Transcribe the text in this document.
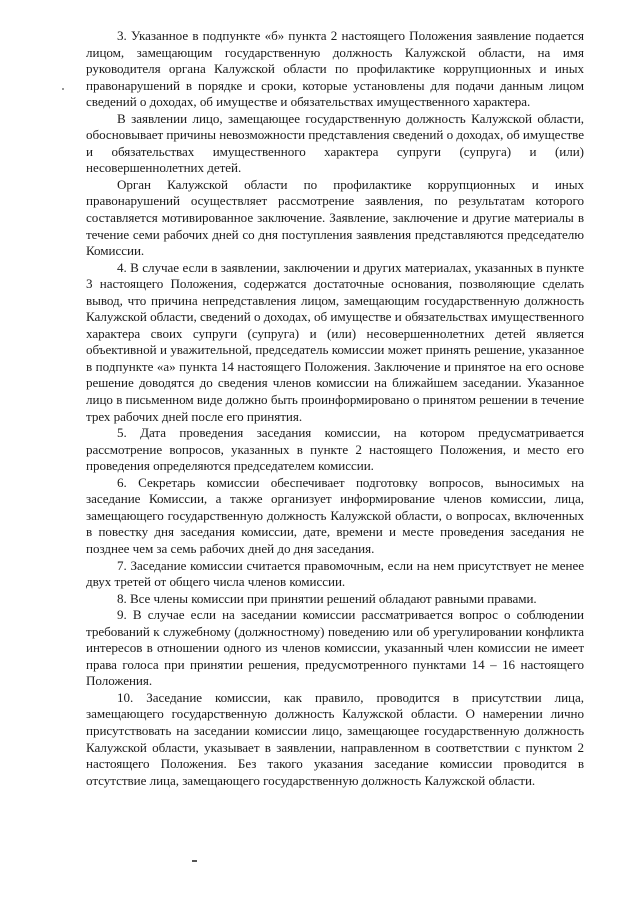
3. Указанное в подпункте «б» пункта 2 настоящего Положения заявление подается лицом, замещающим государственную должность Калужской области, на имя руководителя органа Калужской области по профилактике коррупционных и иных правонарушений в порядке и сроки, которые установлены для подачи данным лицом сведений о доходах, об имуществе и обязательствах имущественного характера.

В заявлении лицо, замещающее государственную должность Калужской области, обосновывает причины невозможности представления сведений о доходах, об имуществе и обязательствах имущественного характера супруги (супруга) и (или) несовершеннолетних детей.

Орган Калужской области по профилактике коррупционных и иных правонарушений осуществляет рассмотрение заявления, по результатам которого составляется мотивированное заключение. Заявление, заключение и другие материалы в течение семи рабочих дней со дня поступления заявления представляются председателю Комиссии.

4. В случае если в заявлении, заключении и других материалах, указанных в пункте 3 настоящего Положения, содержатся достаточные основания, позволяющие сделать вывод, что причина непредставления лицом, замещающим государственную должность Калужской области, сведений о доходах, об имуществе и обязательствах имущественного характера своих супруги (супруга) и (или) несовершеннолетних детей является объективной и уважительной, председатель комиссии может принять решение, указанное в подпункте «а» пункта 14 настоящего Положения. Заключение и принятое на его основе решение доводятся до сведения членов комиссии на ближайшем заседании. Указанное лицо в письменном виде должно быть проинформировано о принятом решении в течение трех рабочих дней после его принятия.

5. Дата проведения заседания комиссии, на котором предусматривается рассмотрение вопросов, указанных в пункте 2 настоящего Положения, и место его проведения определяются председателем комиссии.

6. Секретарь комиссии обеспечивает подготовку вопросов, выносимых на заседание Комиссии, а также организует информирование членов комиссии, лица, замещающего государственную должность Калужской области, о вопросах, включенных в повестку дня заседания комиссии, дате, времени и месте проведения заседания не позднее чем за семь рабочих дней до дня заседания.

7. Заседание комиссии считается правомочным, если на нем присутствует не менее двух третей от общего числа членов комиссии.

8. Все члены комиссии при принятии решений обладают равными правами.

9. В случае если на заседании комиссии рассматривается вопрос о соблюдении требований к служебному (должностному) поведению или об урегулировании конфликта интересов в отношении одного из членов комиссии, указанный член комиссии не имеет права голоса при принятии решения, предусмотренного пунктами 14 – 16 настоящего Положения.

10. Заседание комиссии, как правило, проводится в присутствии лица, замещающего государственную должность Калужской области. О намерении лично присутствовать на заседании комиссии лицо, замещающее государственную должность Калужской области, указывает в заявлении, направленном в соответствии с пунктом 2 настоящего Положения. Без такого указания заседание комиссии проводится в отсутствие лица, замещающего государственную должность Калужской области.
